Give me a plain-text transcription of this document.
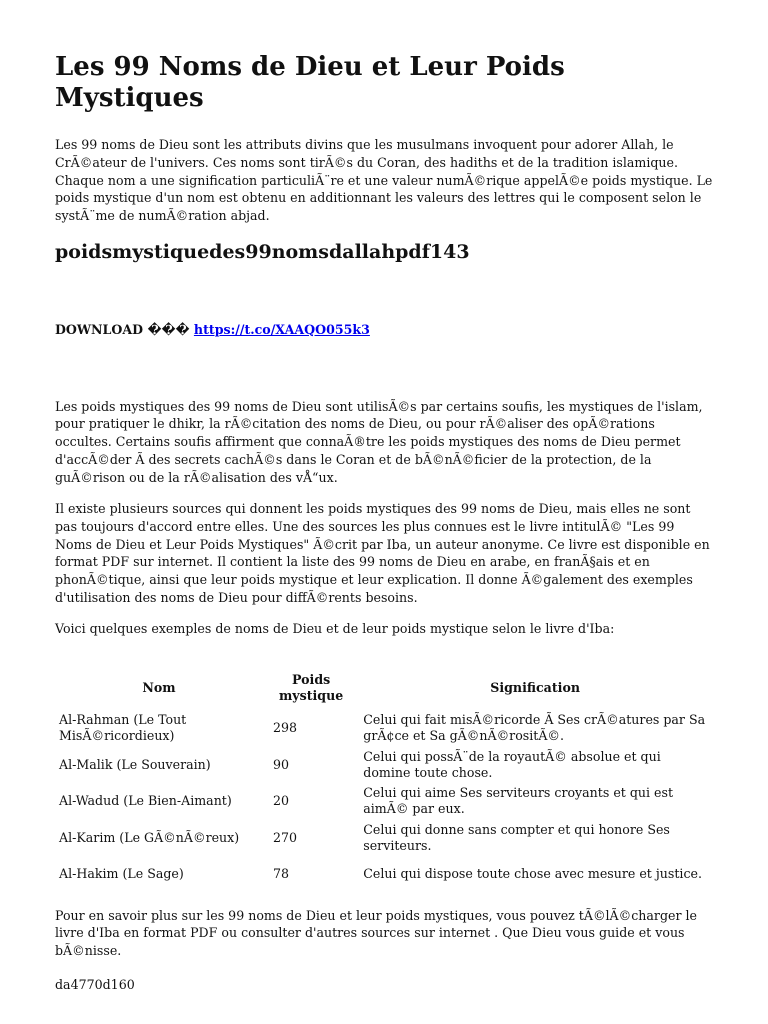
Les 99 Noms de Dieu et Leur Poids Mystiques

Les 99 noms de Dieu sont les attributs divins que les musulmans invoquent pour adorer Allah, le CrÃ©ateur de l'univers. Ces noms sont tirÃ©s du Coran, des hadiths et de la tradition islamique. Chaque nom a une signification particuliÃ¨re et une valeur numÃ©rique appelÃ©e poids mystique. Le poids mystique d'un nom est obtenu en additionnant les valeurs des lettres qui le composent selon le systÃ¨me de numÃ©ration abjad.

poidsmystiquedes99nomsdallahpdf143
DOWNLOAD ��� https://t.co/XAAQO055k3

Les poids mystiques des 99 noms de Dieu sont utilisÃ©s par certains soufis, les mystiques de l'islam, pour pratiquer le dhikr, la rÃ©citation des noms de Dieu, ou pour rÃ©aliser des opÃ©rations occultes. Certains soufis affirment que connaÃ®tre les poids mystiques des noms de Dieu permet d'accÃ©der Ã des secrets cachÃ©s dans le Coran et de bÃ©nÃ©ficier de la protection, de la guÃ©rison ou de la rÃ©alisation des vÅ“ux.

Il existe plusieurs sources qui donnent les poids mystiques des 99 noms de Dieu, mais elles ne sont pas toujours d'accord entre elles. Une des sources les plus connues est le livre intitulÃ© "Les 99 Noms de Dieu et Leur Poids Mystiques" Ã©crit par Iba, un auteur anonyme. Ce livre est disponible en format PDF sur internet. Il contient la liste des 99 noms de Dieu en arabe, en franÃ§ais et en phonÃ©tique, ainsi que leur poids mystique et leur explication. Il donne Ã©galement des exemples d'utilisation des noms de Dieu pour diffÃ©rents besoins.

Voici quelques exemples de noms de Dieu et de leur poids mystique selon le livre d'Iba:

Nom	Poids mystique	Signification
Al-Rahman (Le Tout MisÃ©ricordieux)	298	Celui qui fait misÃ©ricorde Ã Ses crÃ©atures par Sa grÃ¢ce et Sa gÃ©nÃ©rositÃ©.
Al-Malik (Le Souverain)	90	Celui qui possÃ¨de la royautÃ© absolue et qui domine toute chose.
Al-Wadud (Le Bien-Aimant)	20	Celui qui aime Ses serviteurs croyants et qui est aimÃ© par eux.
Al-Karim (Le GÃ©nÃ©reux)	270	Celui qui donne sans compter et qui honore Ses serviteurs.
Al-Hakim (Le Sage)	78	Celui qui dispose toute chose avec mesure et justice.

Pour en savoir plus sur les 99 noms de Dieu et leur poids mystiques, vous pouvez tÃ©lÃ©charger le livre d'Iba en format PDF ou consulter d'autres sources sur internet . Que Dieu vous guide et vous bÃ©nisse.

da4770d160
